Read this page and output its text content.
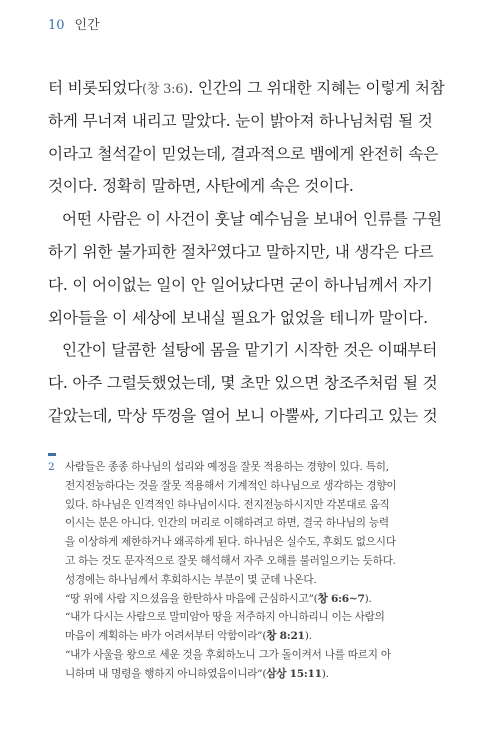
10 인간
터 비롯되었다(창 3:6). 인간의 그 위대한 지혜는 이렇게 처참
하게 무너져 내리고 말았다. 눈이 밝아져 하나님처럼 될 것
이라고 철석같이 믿었는데, 결과적으로 뱀에게 완전히 속은
것이다. 정확히 말하면, 사탄에게 속은 것이다.
어떤 사람은 이 사건이 훗날 예수님을 보내어 인류를 구원
하기 위한 불가피한 절차$^2$였다고 말하지만, 내 생각은 다르
다. 이 어이없는 일이 안 일어났다면 굳이 하나님께서 자기
외아들을 이 세상에 보내실 필요가 없었을 테니까 말이다.
인간이 달콤한 설탕에 몸을 맡기기 시작한 것은 이때부터
다. 아주 그럴듯했었는데, 몇 초만 있으면 창조주처럼 될 것
같았는데, 막상 뚜껑을 열어 보니 아뿔싸, 기다리고 있는 것
2 사람들은 종종 하나님의 섭리와 예정을 잘못 적용하는 경향이 있다. 특히,
전지전능하다는 것을 잘못 적용해서 기계적인 하나님으로 생각하는 경향이
있다. 하나님은 인격적인 하나님이시다. 전지전능하시지만 각본대로 움직
이시는 분은 아니다. 인간의 머리로 이해하려고 하면, 결국 하나님의 능력
을 이상하게 제한하거나 왜곡하게 된다. 하나님은 실수도, 후회도 없으시다
고 하는 것도 문자적으로 잘못 해석해서 자주 오해를 불러일으키는 듯하다.
성경에는 하나님께서 후회하시는 부분이 몇 군데 나온다.
“땅 위에 사람 지으셨음을 한탄하사 마음에 근심하시고”(창 6:6~7).
“내가 다시는 사람으로 말미암아 땅을 저주하지 아니하리니 이는 사람의
마음이 계획하는 바가 어려서부터 악함이라”(창 8:21).
“내가 사울을 왕으로 세운 것을 후회하노니 그가 돌이켜서 나를 따르지 아
니하며 내 명령을 행하지 아니하였음이니라”(삼상 15:11).
